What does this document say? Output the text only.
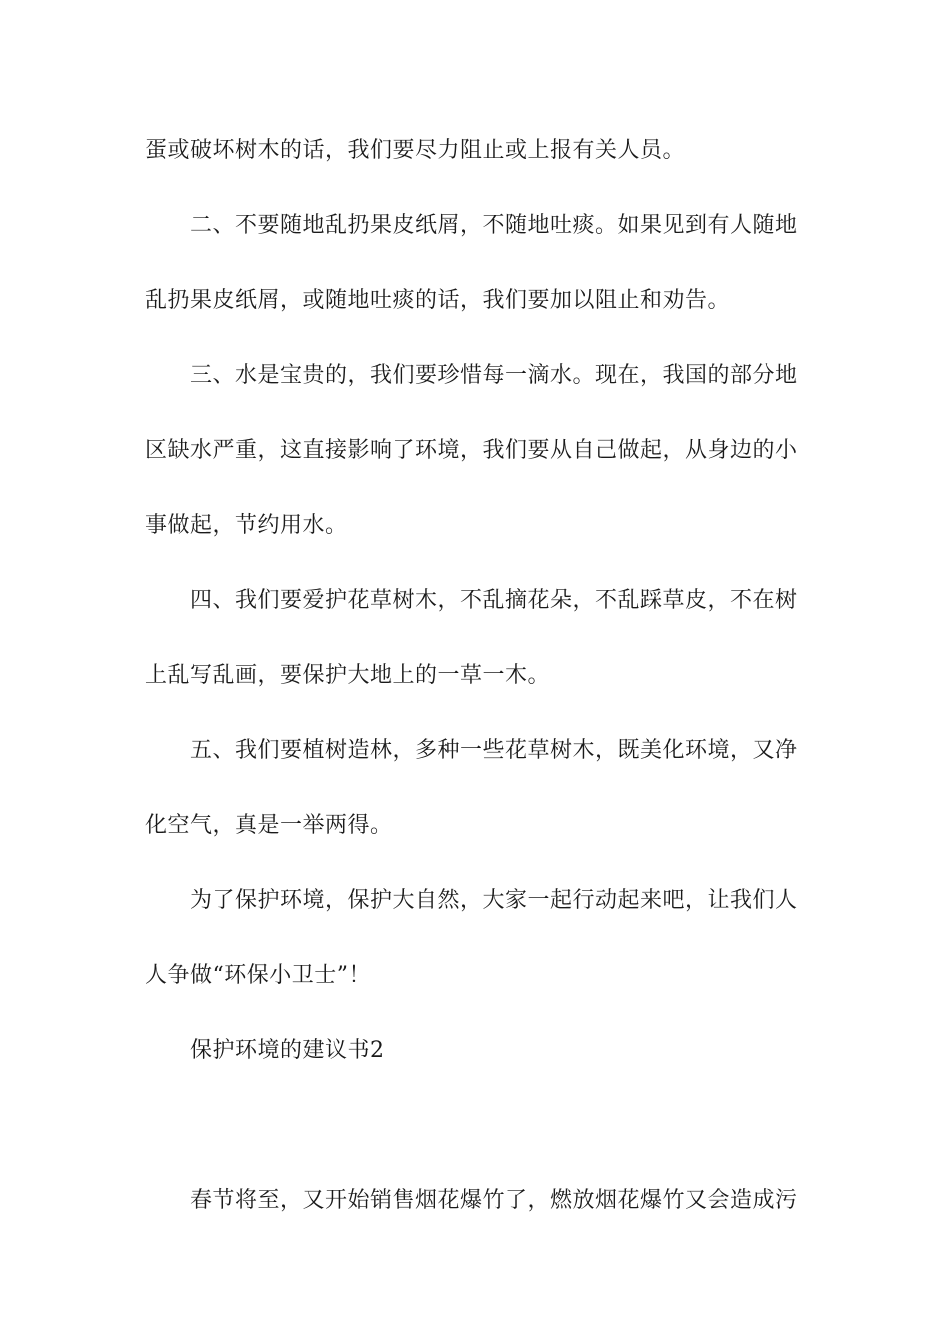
蛋或破坏树木的话，我们要尽力阻止或上报有关人员。
二、不要随地乱扔果皮纸屑，不随地吐痰。如果见到有人随地
乱扔果皮纸屑，或随地吐痰的话，我们要加以阻止和劝告。
三、水是宝贵的，我们要珍惜每一滴水。现在，我国的部分地
区缺水严重，这直接影响了环境，我们要从自己做起，从身边的小
事做起，节约用水。
四、我们要爱护花草树木，不乱摘花朵，不乱踩草皮，不在树
上乱写乱画，要保护大地上的一草一木。
五、我们要植树造林，多种一些花草树木，既美化环境，又净
化空气，真是一举两得。
为了保护环境，保护大自然，大家一起行动起来吧，让我们人
人争做“环保小卫士”！
保护环境的建议书2
春节将至，又开始销售烟花爆竹了，燃放烟花爆竹又会造成污
